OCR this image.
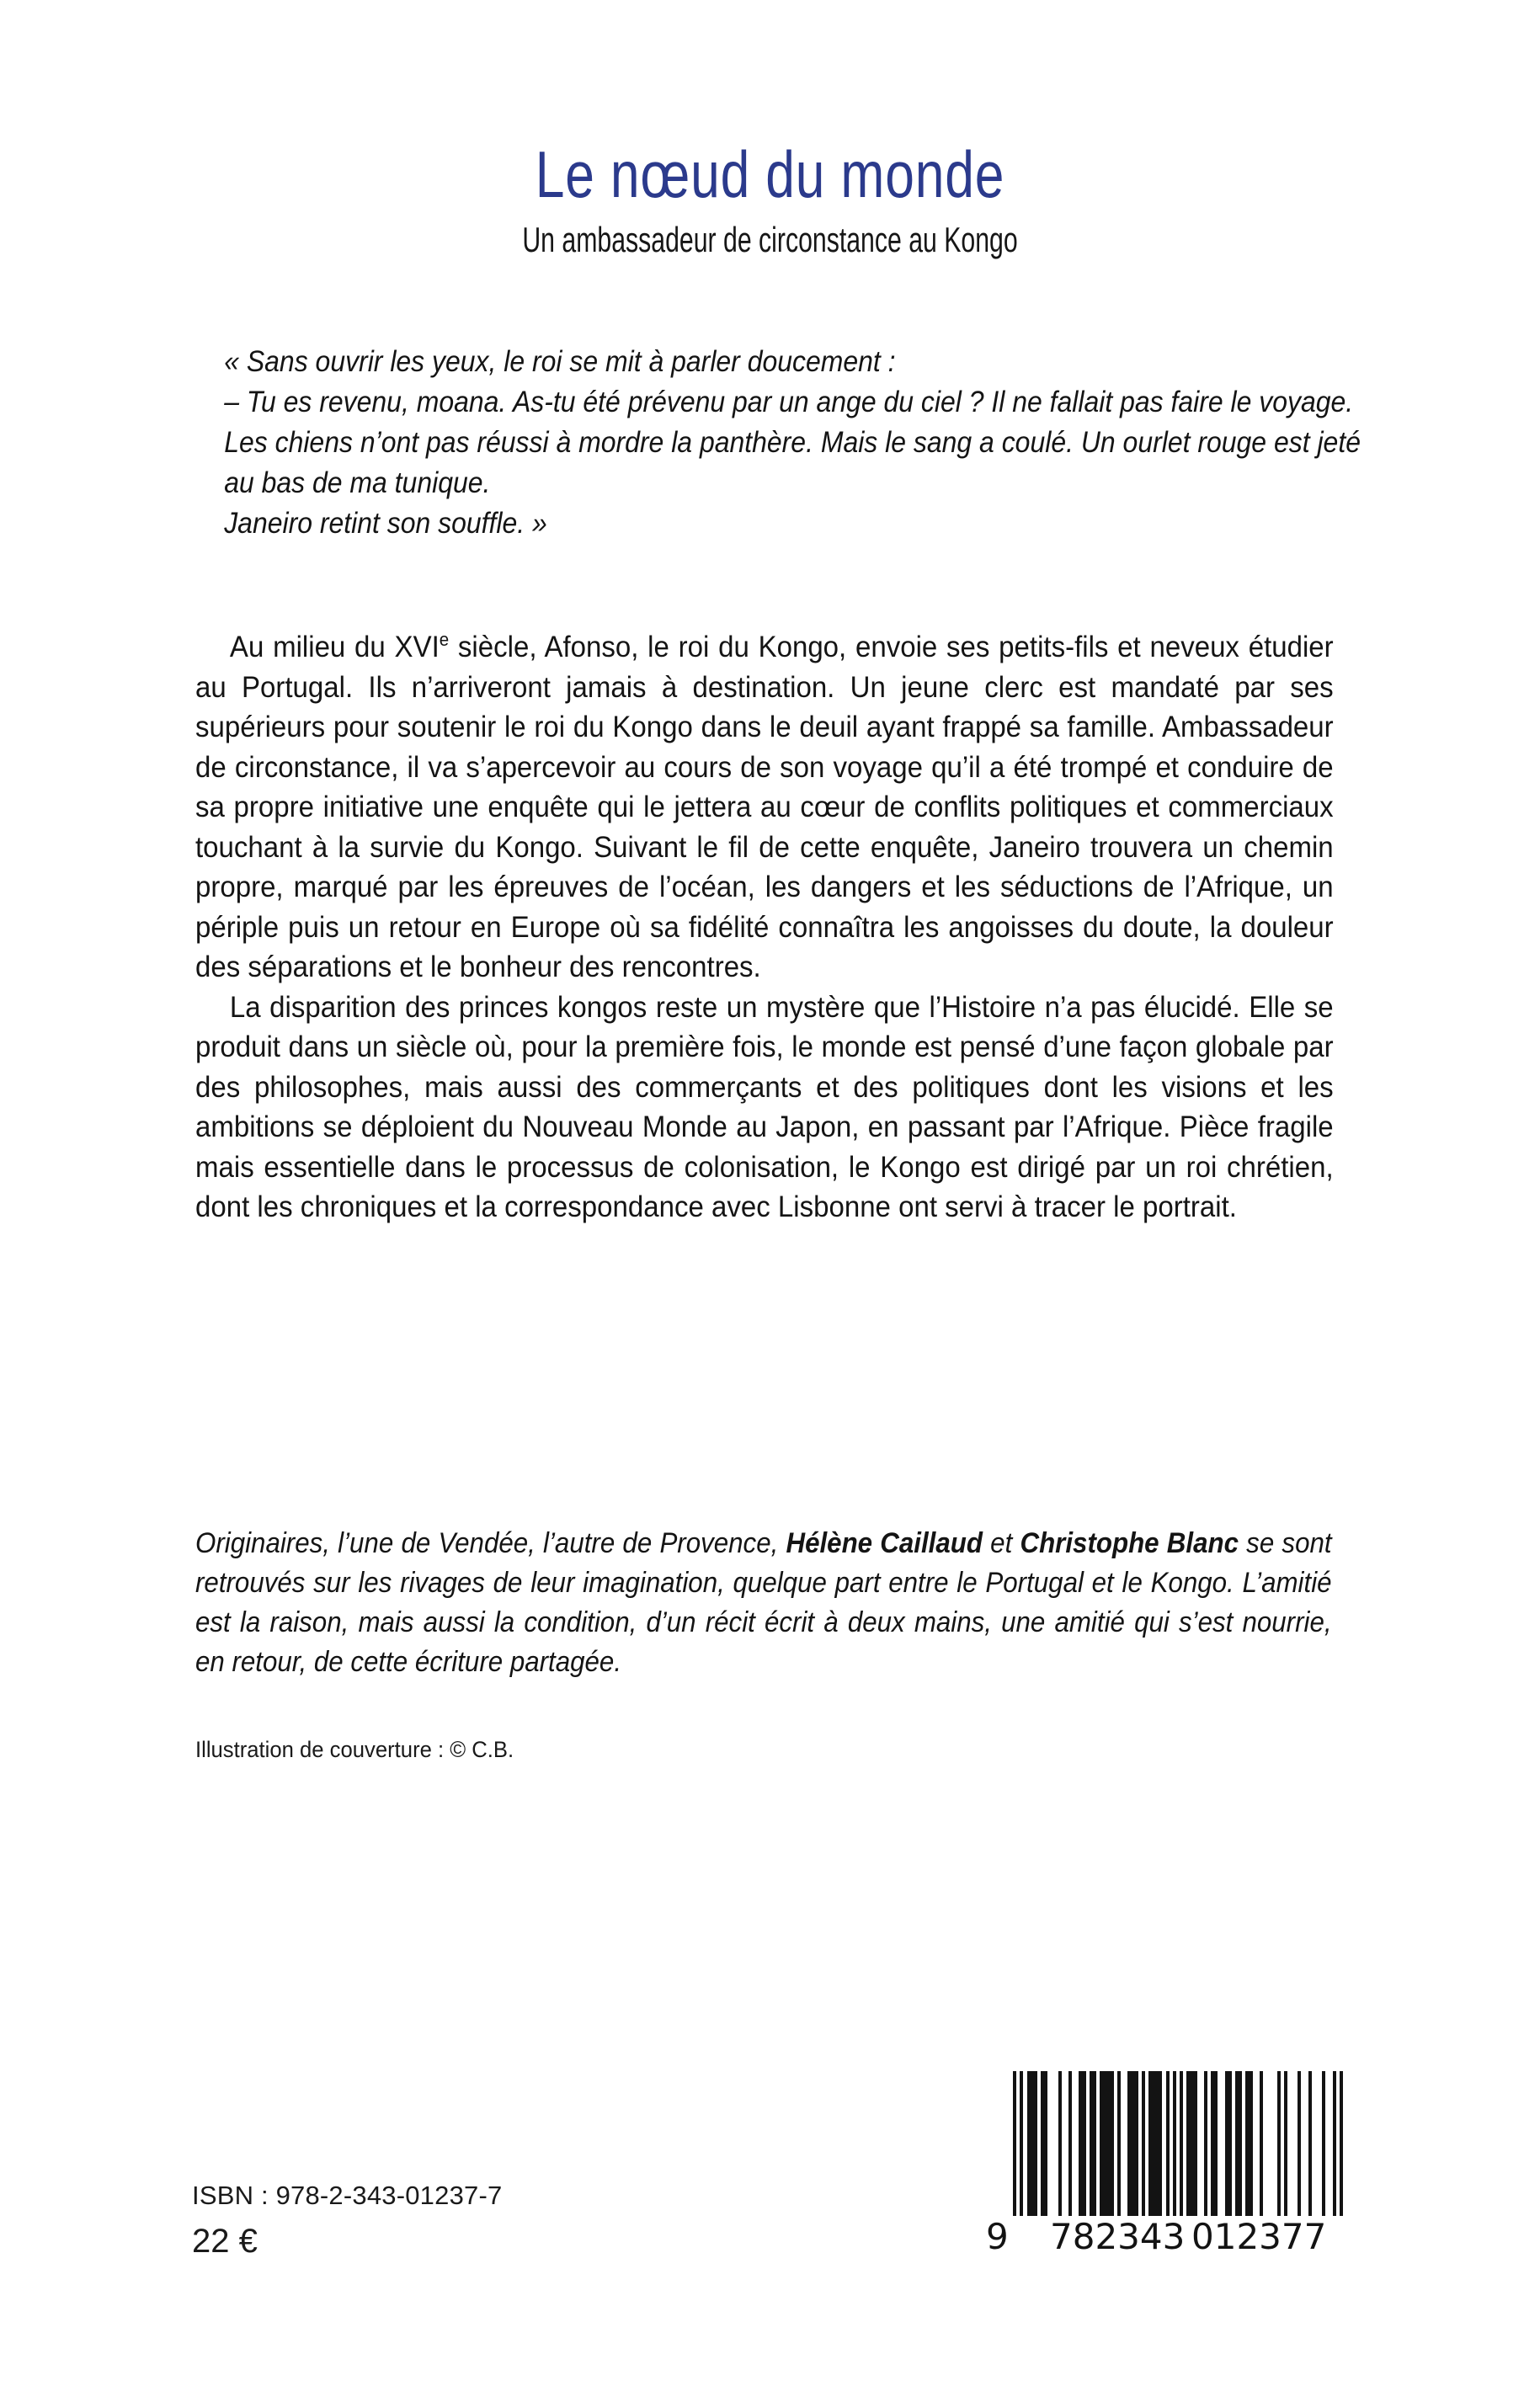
Le nœud du monde
Un ambassadeur de circonstance au Kongo

« Sans ouvrir les yeux, le roi se mit à parler doucement :

– Tu es revenu, moana. As-tu été prévenu par un ange du ciel ? Il ne fallait pas faire le voyage. Les chiens n’ont pas réussi à mordre la panthère. Mais le sang a coulé. Un ourlet rouge est jeté au bas de ma tunique.

Janeiro retint son souffle. »

Au milieu du XVIe siècle, Afonso, le roi du Kongo, envoie ses petits-fils et neveux étudier au Portugal. Ils n’arriveront jamais à destination. Un jeune clerc est mandaté par ses supérieurs pour soutenir le roi du Kongo dans le deuil ayant frappé sa famille. Ambassadeur de circonstance, il va s’apercevoir au cours de son voyage qu’il a été trompé et conduire de sa propre initiative une enquête qui le jettera au cœur de conflits politiques et commerciaux touchant à la survie du Kongo. Suivant le fil de cette enquête, Janeiro trouvera un chemin propre, marqué par les épreuves de l’océan, les dangers et les séductions de l’Afrique, un périple puis un retour en Europe où sa fidélité connaîtra les angoisses du doute, la douleur des séparations et le bonheur des rencontres.

La disparition des princes kongos reste un mystère que l’Histoire n’a pas élucidé. Elle se produit dans un siècle où, pour la première fois, le monde est pensé d’une façon globale par des philosophes, mais aussi des commerçants et des politiques dont les visions et les ambitions se déploient du Nouveau Monde au Japon, en passant par l’Afrique. Pièce fragile mais essentielle dans le processus de colonisation, le Kongo est dirigé par un roi chrétien, dont les chroniques et la correspondance avec Lisbonne ont servi à tracer le portrait.

Originaires, l’une de Vendée, l’autre de Provence, Hélène Caillaud et Christophe Blanc se sont retrouvés sur les rivages de leur imagination, quelque part entre le Portugal et le Kongo. L’amitié est la raison, mais aussi la condition, d’un récit écrit à deux mains, une amitié qui s’est nourrie, en retour, de cette écriture partagée.

Illustration de couverture : © C.B.

ISBN : 978-2-343-01237-7
22 €	9 782343 012377
